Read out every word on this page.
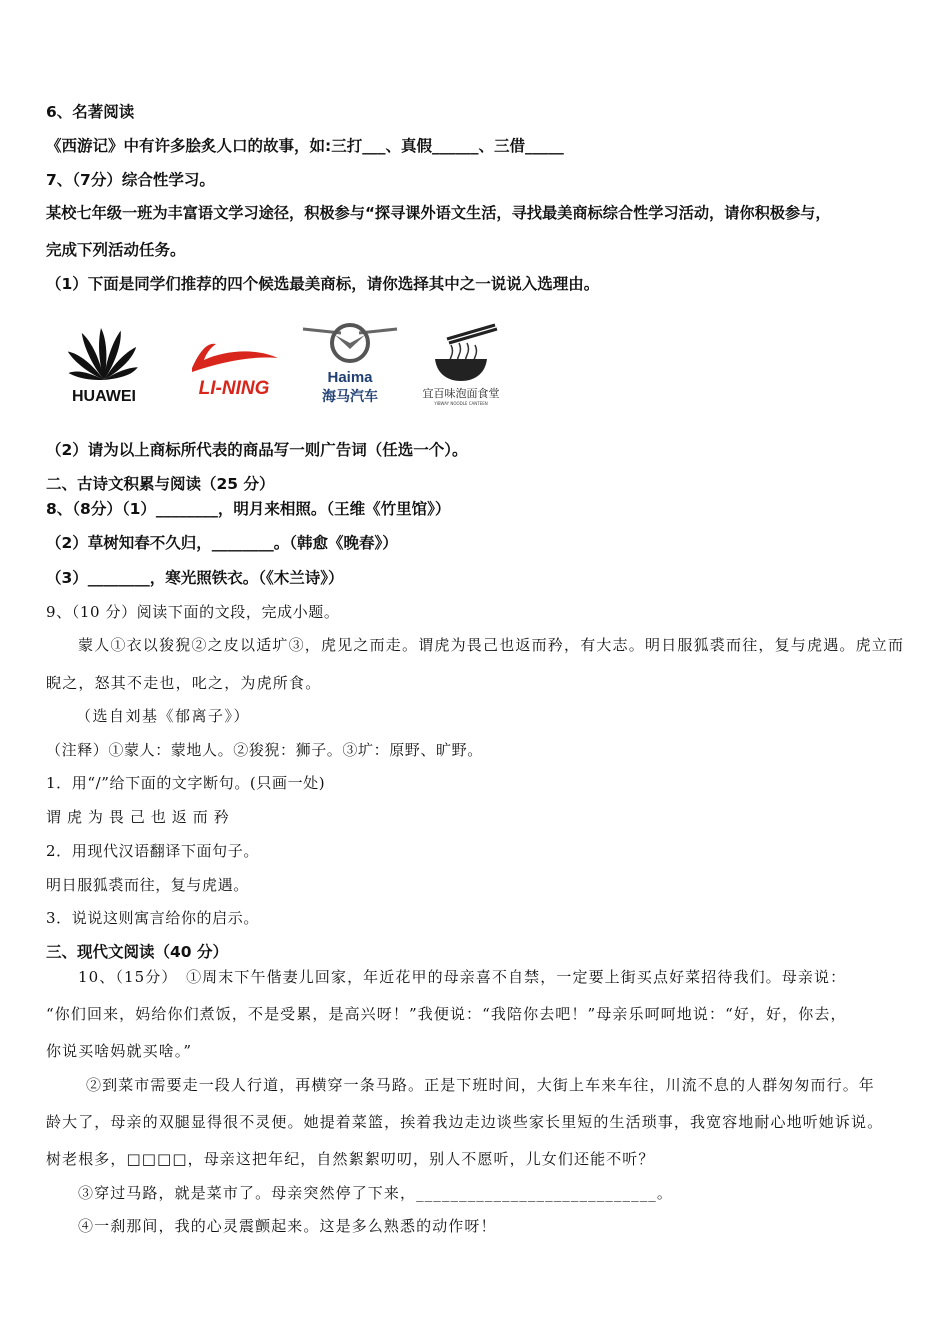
6、名著阅读
《西游记》中有许多脍炙人口的故事，如:三打___、真假______、三借_____
7、（7分）综合性学习。
某校七年级一班为丰富语文学习途径，积极参与“探寻课外语文生活，寻找最美商标综合性学习活动，请你积极参与，
完成下列活动任务。
（1）下面是同学们推荐的四个候选最美商标，请你选择其中之一说说入选理由。
HUAWEI	LI-NING
Haima
海马汽车	宜百味泡面食堂
YIBWAY NOODLE CANTEEN
（2）请为以上商标所代表的商品写一则广告词（任选一个）。
二、古诗文积累与阅读（25 分）
8、（8分）（1）________，明月来相照。（王维《竹里馆》）
（2）草树知春不久归，________。（韩愈《晚春》）
（3）________，寒光照铁衣。（《木兰诗》）
9、（10 分）阅读下面的文段，完成小题。
蒙人①衣以狻猊②之皮以适圹③，虎见之而走。谓虎为畏己也返而矜，有大志。明日服狐裘而往，复与虎遇。虎立而
睨之，怒其不走也，叱之，为虎所食。
（选自刘基《郁离子》）
（注释）①蒙人：蒙地人。②狻猊：狮子。③圹：原野、旷野。
1．用“/”给下面的文字断句。(只画一处)
谓 虎 为 畏 己 也 返 而 矜
2．用现代汉语翻译下面句子。
明日服狐裘而往，复与虎遇。
3．说说这则寓言给你的启示。
三、现代文阅读（40 分）
10、（15分）　①周末下午偕妻儿回家，年近花甲的母亲喜不自禁，一定要上街买点好菜招待我们。母亲说：
“你们回来，妈给你们煮饭，不是受累，是高兴呀！”我便说：“我陪你去吧！”母亲乐呵呵地说：“好，好，你去，
你说买啥妈就买啥。”
②到菜市需要走一段人行道，再横穿一条马路。正是下班时间，大街上车来车往，川流不息的人群匆匆而行。年
龄大了，母亲的双腿显得很不灵便。她提着菜篮，挨着我边走边谈些家长里短的生活琐事，我宽容地耐心地听她诉说。
树老根多，□□□□，母亲这把年纪，自然絮絮叨叨，别人不愿听，儿女们还能不听？
③穿过马路，就是菜市了。母亲突然停了下来，____________________________。
④一刹那间，我的心灵震颤起来。这是多么熟悉的动作呀！
